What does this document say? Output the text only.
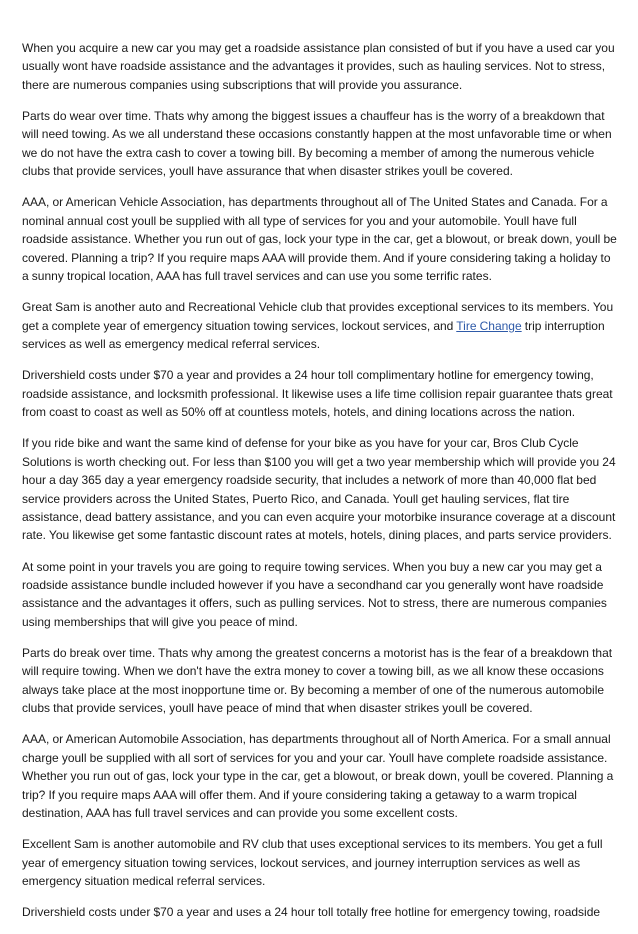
When you acquire a new car you may get a roadside assistance plan consisted of but if you have a used car you usually wont have roadside assistance and the advantages it provides, such as hauling services. Not to stress, there are numerous companies using subscriptions that will provide you assurance.

Parts do wear over time. Thats why among the biggest issues a chauffeur has is the worry of a breakdown that will need towing. As we all understand these occasions constantly happen at the most unfavorable time or when we do not have the extra cash to cover a towing bill. By becoming a member of among the numerous vehicle clubs that provide services, youll have assurance that when disaster strikes youll be covered.

AAA, or American Vehicle Association, has departments throughout all of The United States and Canada. For a nominal annual cost youll be supplied with all type of services for you and your automobile. Youll have full roadside assistance. Whether you run out of gas, lock your type in the car, get a blowout, or break down, youll be covered. Planning a trip? If you require maps AAA will provide them. And if youre considering taking a holiday to a sunny tropical location, AAA has full travel services and can use you some terrific rates.

Great Sam is another auto and Recreational Vehicle club that provides exceptional services to its members. You get a complete year of emergency situation towing services, lockout services, and Tire Change trip interruption services as well as emergency medical referral services.

Drivershield costs under $70 a year and provides a 24 hour toll complimentary hotline for emergency towing, roadside assistance, and locksmith professional. It likewise uses a life time collision repair guarantee thats great from coast to coast as well as 50% off at countless motels, hotels, and dining locations across the nation.

If you ride bike and want the same kind of defense for your bike as you have for your car, Bros Club Cycle Solutions is worth checking out. For less than $100 you will get a two year membership which will provide you 24 hour a day 365 day a year emergency roadside security, that includes a network of more than 40,000 flat bed service providers across the United States, Puerto Rico, and Canada. Youll get hauling services, flat tire assistance, dead battery assistance, and you can even acquire your motorbike insurance coverage at a discount rate. You likewise get some fantastic discount rates at motels, hotels, dining places, and parts service providers.

At some point in your travels you are going to require towing services. When you buy a new car you may get a roadside assistance bundle included however if you have a secondhand car you generally wont have roadside assistance and the advantages it offers, such as pulling services. Not to stress, there are numerous companies using memberships that will give you peace of mind.

Parts do break over time. Thats why among the greatest concerns a motorist has is the fear of a breakdown that will require towing. When we don't have the extra money to cover a towing bill, as we all know these occasions always take place at the most inopportune time or. By becoming a member of one of the numerous automobile clubs that provide services, youll have peace of mind that when disaster strikes youll be covered.

AAA, or American Automobile Association, has departments throughout all of North America. For a small annual charge youll be supplied with all sort of services for you and your car. Youll have complete roadside assistance. Whether you run out of gas, lock your type in the car, get a blowout, or break down, youll be covered. Planning a trip? If you require maps AAA will offer them. And if youre considering taking a getaway to a warm tropical destination, AAA has full travel services and can provide you some excellent costs.

Excellent Sam is another automobile and RV club that uses exceptional services to its members. You get a full year of emergency situation towing services, lockout services, and journey interruption services as well as emergency situation medical referral services.

Drivershield costs under $70 a year and uses a 24 hour toll totally free hotline for emergency towing, roadside
